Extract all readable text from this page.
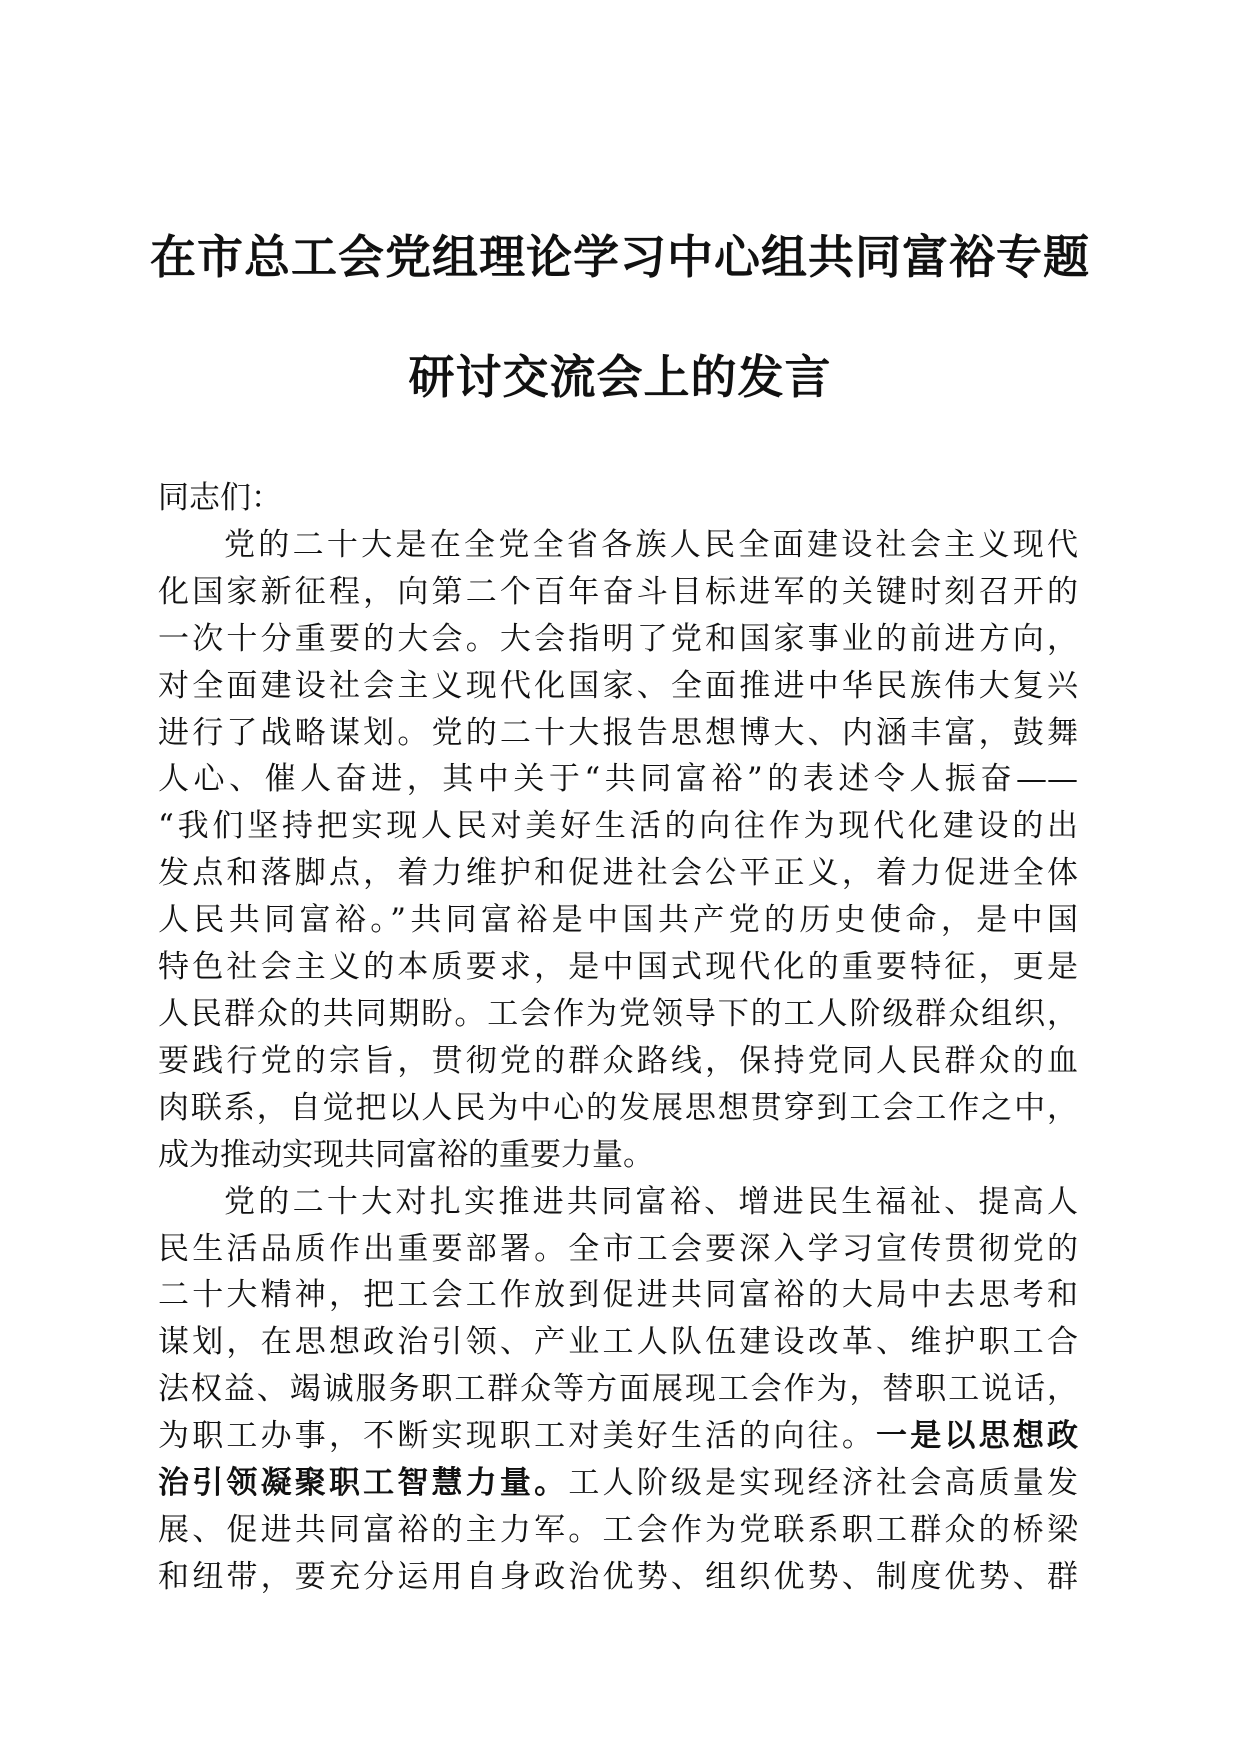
在市总工会党组理论学习中心组共同富裕专题
研讨交流会上的发言

同志们：

党的二十大是在全党全省各族人民全面建设社会主义现代
化国家新征程，向第二个百年奋斗目标进军的关键时刻召开的
一次十分重要的大会。大会指明了党和国家事业的前进方向，
对全面建设社会主义现代化国家、全面推进中华民族伟大复兴
进行了战略谋划。党的二十大报告思想博大、内涵丰富，鼓舞
人心、催人奋进，其中关于“共同富裕”的表述令人振奋——
“我们坚持把实现人民对美好生活的向往作为现代化建设的出
发点和落脚点，着力维护和促进社会公平正义，着力促进全体
人民共同富裕。”共同富裕是中国共产党的历史使命，是中国
特色社会主义的本质要求，是中国式现代化的重要特征，更是
人民群众的共同期盼。工会作为党领导下的工人阶级群众组织，
要践行党的宗旨，贯彻党的群众路线，保持党同人民群众的血
肉联系，自觉把以人民为中心的发展思想贯穿到工会工作之中，
成为推动实现共同富裕的重要力量。
党的二十大对扎实推进共同富裕、增进民生福祉、提高人
民生活品质作出重要部署。全市工会要深入学习宣传贯彻党的
二十大精神，把工会工作放到促进共同富裕的大局中去思考和
谋划，在思想政治引领、产业工人队伍建设改革、维护职工合
法权益、竭诚服务职工群众等方面展现工会作为，替职工说话，
为职工办事，不断实现职工对美好生活的向往。一是以思想政
治引领凝聚职工智慧力量。工人阶级是实现经济社会高质量发
展、促进共同富裕的主力军。工会作为党联系职工群众的桥梁
和纽带，要充分运用自身政治优势、组织优势、制度优势、群
